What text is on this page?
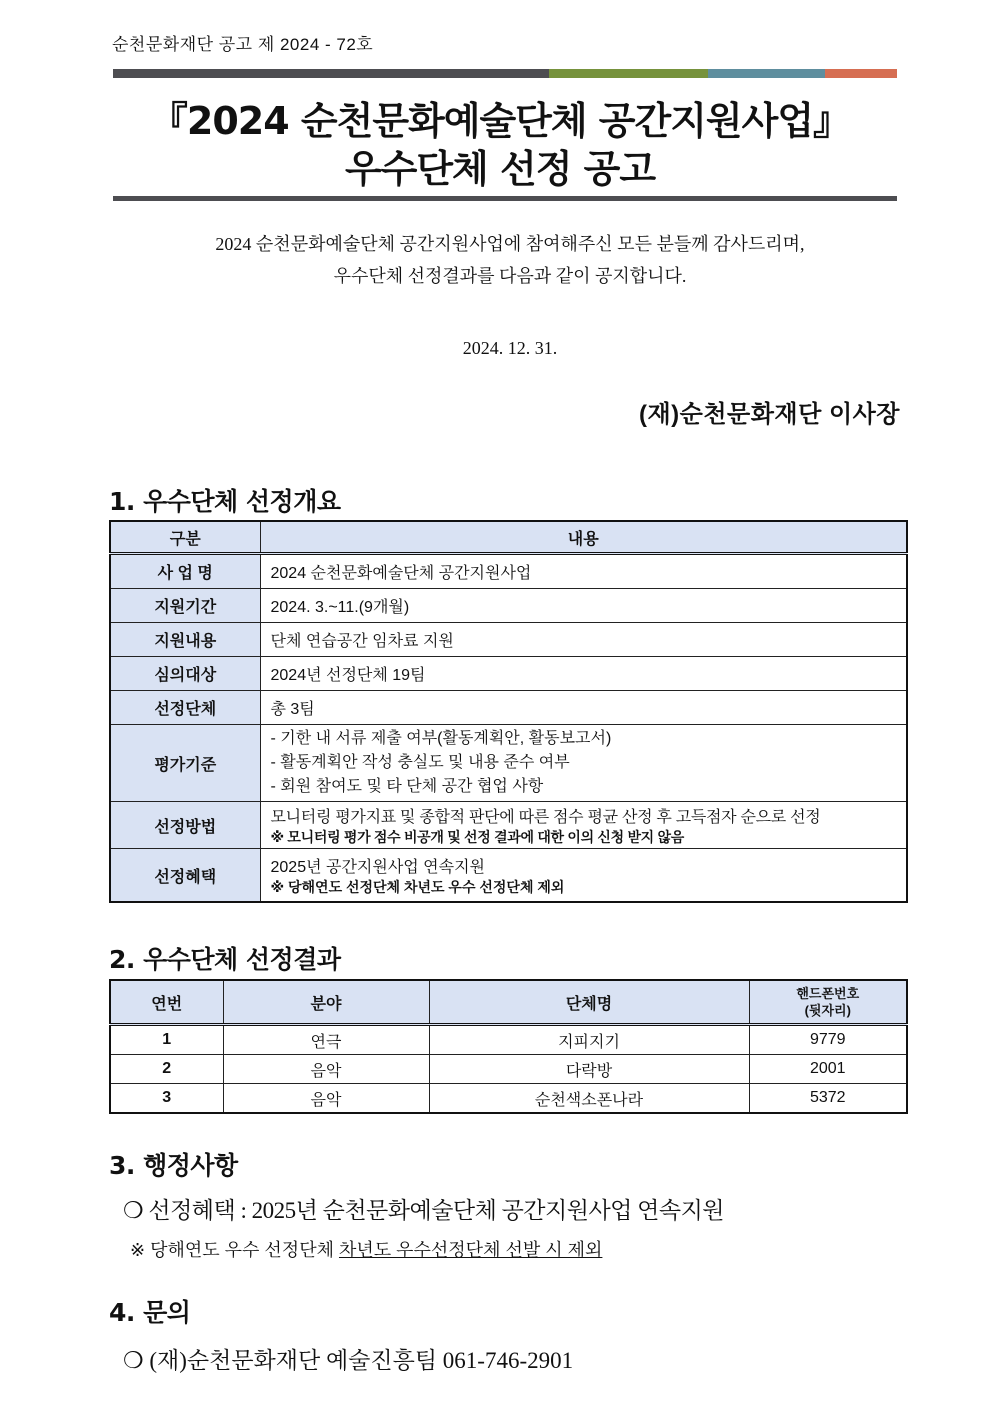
순천문화재단 공고 제 2024 - 72호
『2024 순천문화예술단체 공간지원사업』
우수단체 선정 공고
2024 순천문화예술단체 공간지원사업에 참여해주신 모든 분들께 감사드리며,
우수단체 선정결과를 다음과 같이 공지합니다.
2024. 12. 31.
(재)순천문화재단 이사장
1. 우수단체 선정개요
구분	내용
사 업 명	2024 순천문화예술단체 공간지원사업
지원기간	2024. 3.~11.(9개월)
지원내용	단체 연습공간 임차료 지원
심의대상	2024년 선정단체 19팀
선정단체	총 3팀
평가기준	- 기한 내 서류 제출 여부(활동계획안, 활동보고서)
- 활동계획안 작성 충실도 및 내용 준수 여부
- 회원 참여도 및 타 단체 공간 협업 사항

선정방법	모니터링 평가지표 및 종합적 판단에 따른 점수 평균 산정 후 고득점자 순으로 선정
※ 모니터링 평가 점수 비공개 및 선정 결과에 대한 이의 신청 받지 않음

선정혜택	2025년 공간지원사업 연속지원
※ 당해연도 선정단체 차년도 우수 선정단체 제외
2. 우수단체 선정결과
연번	분야	단체명	핸드폰번호
(뒷자리)

1	연극	지피지기	9779
2	음악	다락방	2001
3	음악	순천색소폰나라	5372
3. 행정사항
❍ 선정혜택 : 2025년 순천문화예술단체 공간지원사업 연속지원
※ 당해연도 우수 선정단체 차년도 우수선정단체 선발 시 제외
4. 문의
❍ (재)순천문화재단 예술진흥팀 061-746-2901
